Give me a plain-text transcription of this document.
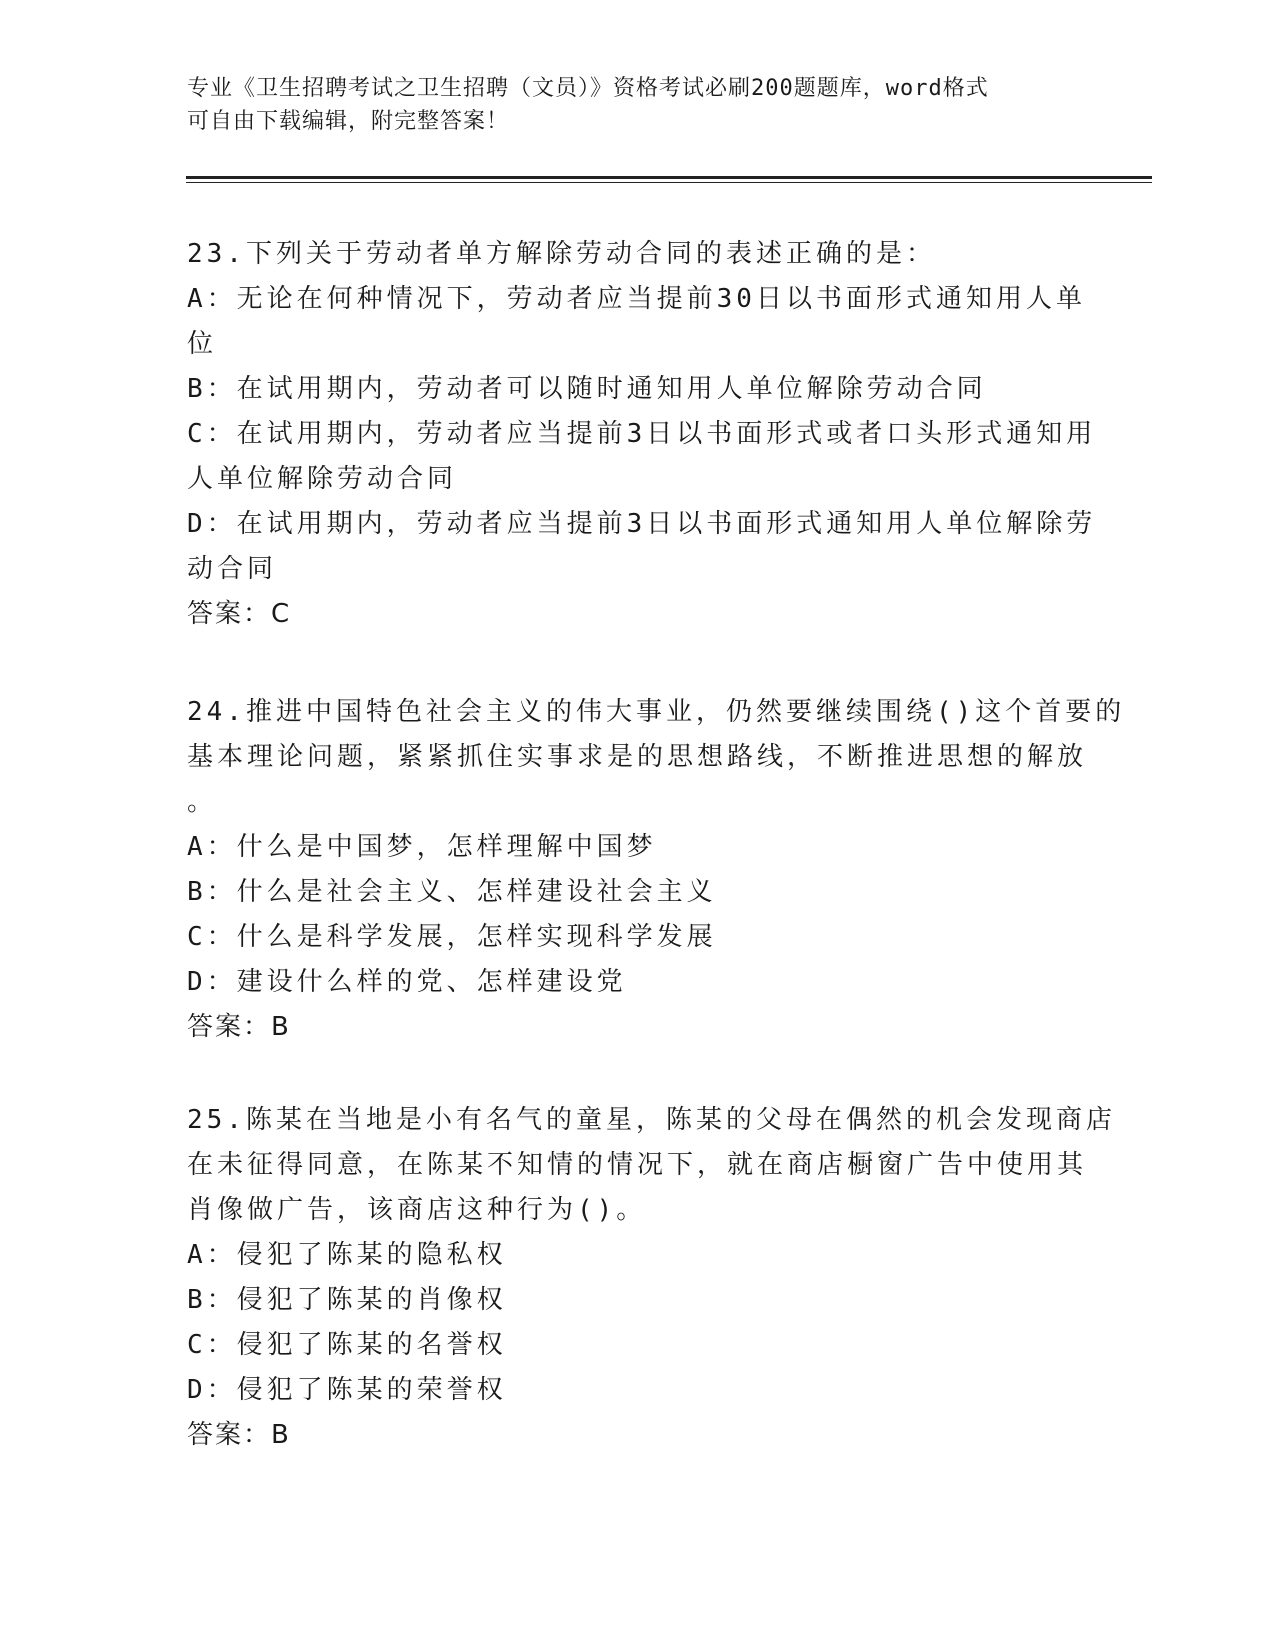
专业《卫生招聘考试之卫生招聘（文员）》资格考试必刷200题题库，word格式
可自由下载编辑，附完整答案！
23.下列关于劳动者单方解除劳动合同的表述正确的是：
A：无论在何种情况下，劳动者应当提前30日以书面形式通知用人单
位
B：在试用期内，劳动者可以随时通知用人单位解除劳动合同
C：在试用期内，劳动者应当提前3日以书面形式或者口头形式通知用
人单位解除劳动合同
D：在试用期内，劳动者应当提前3日以书面形式通知用人单位解除劳
动合同
答案：C
24.推进中国特色社会主义的伟大事业，仍然要继续围绕()这个首要的
基本理论问题，紧紧抓住实事求是的思想路线，不断推进思想的解放
。
A：什么是中国梦，怎样理解中国梦
B：什么是社会主义、怎样建设社会主义
C：什么是科学发展，怎样实现科学发展
D：建设什么样的党、怎样建设党
答案：B
25.陈某在当地是小有名气的童星，陈某的父母在偶然的机会发现商店
在未征得同意，在陈某不知情的情况下，就在商店橱窗广告中使用其
肖像做广告，该商店这种行为()。
A：侵犯了陈某的隐私权
B：侵犯了陈某的肖像权
C：侵犯了陈某的名誉权
D：侵犯了陈某的荣誉权
答案：B
